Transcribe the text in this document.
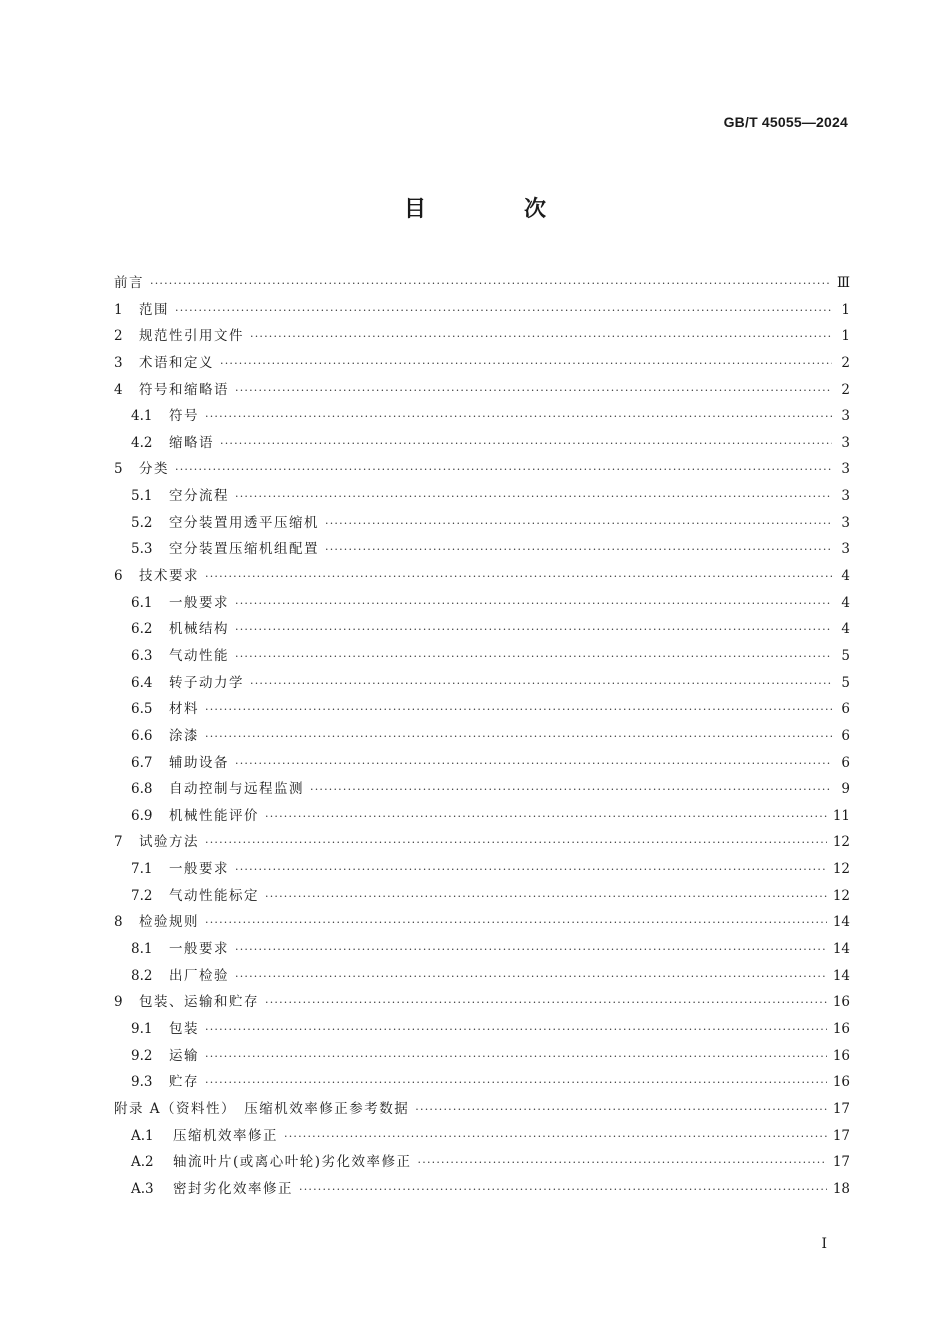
GB/T 45055—2024
目　次
前言 ·····	Ⅲ
1	范围 ·····	1
2	规范性引用文件 ·····	1
3	术语和定义 ·····	2
4	符号和缩略语 ·····	2
4.1	符号 ·····	3
4.2	缩略语 ·····	3
5	分类 ·····	3
5.1	空分流程 ·····	3
5.2	空分装置用透平压缩机 ·····	3
5.3	空分装置压缩机组配置 ·····	3
6	技术要求 ·····	4
6.1	一般要求 ·····	4
6.2	机械结构 ·····	4
6.3	气动性能 ·····	5
6.4	转子动力学 ·····	5
6.5	材料 ·····	6
6.6	涂漆 ·····	6
6.7	辅助设备 ·····	6
6.8	自动控制与远程监测 ·····	9
6.9	机械性能评价 ·····	11
7	试验方法 ·····	12
7.1	一般要求 ·····	12
7.2	气动性能标定 ·····	12
8	检验规则 ·····	14
8.1	一般要求 ·····	14
8.2	出厂检验 ·····	14
9	包装、运输和贮存 ·····	16
9.1	包装 ·····	16
9.2	运输 ·····	16
9.3	贮存 ·····	16
附录 A（资料性）　压缩机效率修正参考数据 ·····	17
A.1	压缩机效率修正 ·····	17
A.2	轴流叶片(或离心叶轮)劣化效率修正 ·····	17
A.3	密封劣化效率修正 ·····	18
I
